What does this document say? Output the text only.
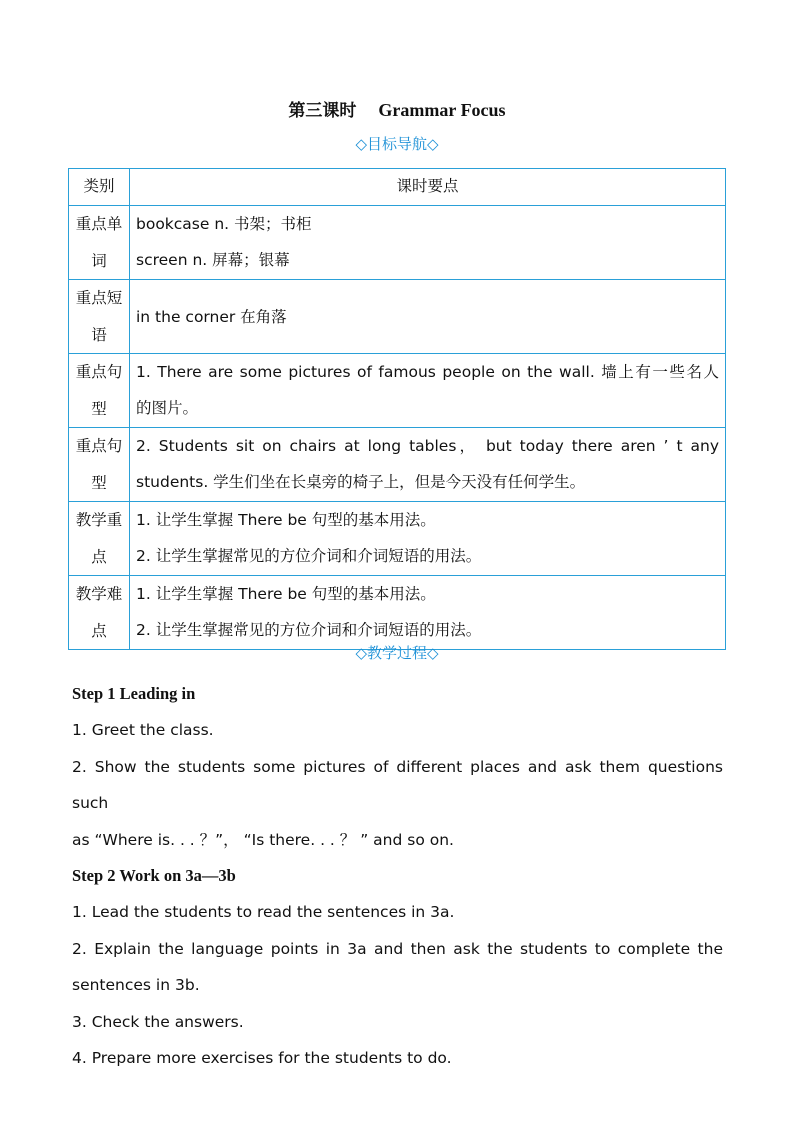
第三课时 Grammar Focus
◇目标导航◇
类别	课时要点
重点单词	bookcase n. 书架；书柜
screen n. 屏幕；银幕

重点短语	in the corner 在角落

重点句型	1. There are some pictures of famous people on the wall. 墙上有一些名人
的图片。

重点句型	2. Students sit on chairs at long tables， but today there aren ’ t any
students. 学生们坐在长桌旁的椅子上，但是今天没有任何学生。

教学重点	1. 让学生掌握 There be 句型的基本用法。
2. 让学生掌握常见的方位介词和介词短语的用法。

教学难点	1. 让学生掌握 There be 句型的基本用法。
2. 让学生掌握常见的方位介词和介词短语的用法。
◇教学过程◇
Step 1 Leading in

1. Greet the class.

2. Show the students some pictures of different places and ask them questions such

as “Where is. . . ？”， “Is there. . . ？ ” and so on.

Step 2 Work on 3a—3b

1. Lead the students to read the sentences in 3a.

2. Explain the language points in 3a and then ask the students to complete the

sentences in 3b.

3. Check the answers.

4. Prepare more exercises for the students to do.
